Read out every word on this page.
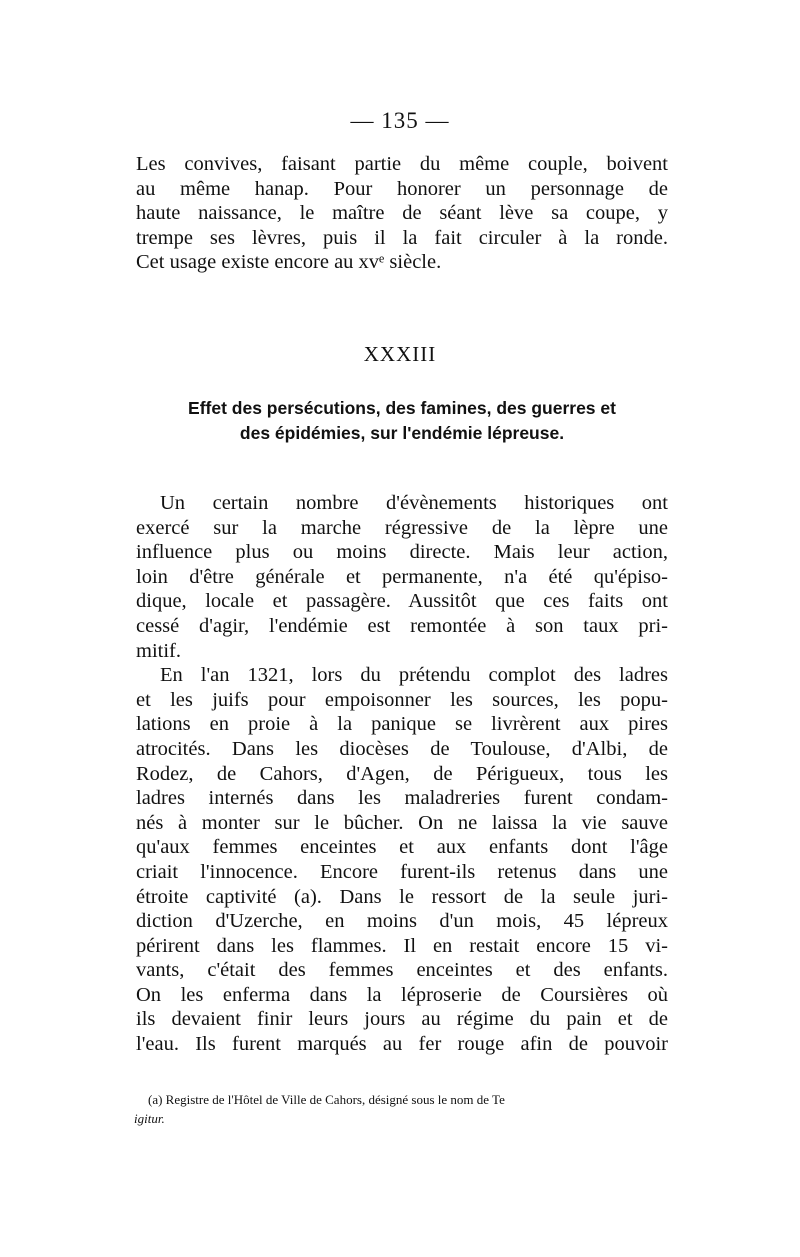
— 135 —
Les convives, faisant partie du même couple, boivent
au même hanap. Pour honorer un personnage de
haute naissance, le maître de séant lève sa coupe, y
trempe ses lèvres, puis il la fait circuler à la ronde.
Cet usage existe encore au xvᵉ siècle.
XXXIII
Effet des persécutions, des famines, des guerres et
des épidémies, sur l'endémie lépreuse.
Un certain nombre d'évènements historiques ont
exercé sur la marche régressive de la lèpre une
influence plus ou moins directe. Mais leur action,
loin d'être générale et permanente, n'a été qu'épiso-
dique, locale et passagère. Aussitôt que ces faits ont
cessé d'agir, l'endémie est remontée à son taux pri-
mitif.
En l'an 1321, lors du prétendu complot des ladres
et les juifs pour empoisonner les sources, les popu-
lations en proie à la panique se livrèrent aux pires
atrocités. Dans les diocèses de Toulouse, d'Albi, de
Rodez, de Cahors, d'Agen, de Périgueux, tous les
ladres internés dans les maladreries furent condam-
nés à monter sur le bûcher. On ne laissa la vie sauve
qu'aux femmes enceintes et aux enfants dont l'âge
criait l'innocence. Encore furent-ils retenus dans une
étroite captivité (a). Dans le ressort de la seule juri-
diction d'Uzerche, en moins d'un mois, 45 lépreux
périrent dans les flammes. Il en restait encore 15 vi-
vants, c'était des femmes enceintes et des enfants.
On les enferma dans la léproserie de Coursières où
ils devaient finir leurs jours au régime du pain et de
l'eau. Ils furent marqués au fer rouge afin de pouvoir
(a) Registre de l'Hôtel de Ville de Cahors, désigné sous le nom de Te
igitur.
